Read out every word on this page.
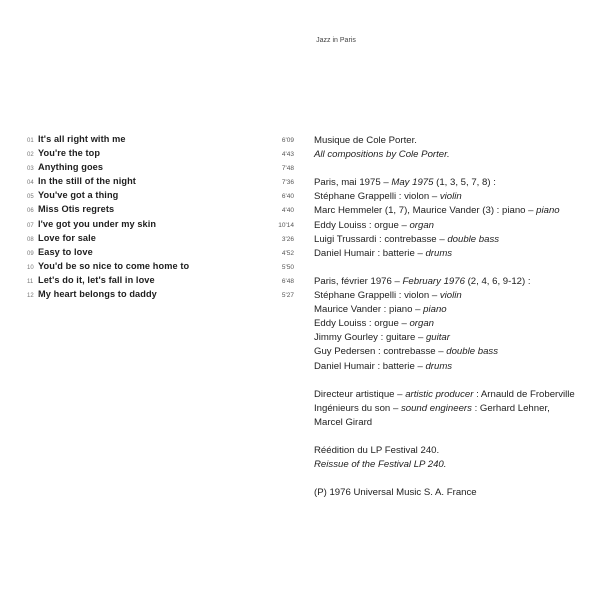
Jazz in Paris
01 It's all right with me	6'09
02 You're the top	4'43
03 Anything goes	7'48
04 In the still of the night	7'36
05 You've got a thing	6'40
06 Miss Otis regrets	4'40
07 I've got you under my skin	10'14
08 Love for sale	3'26
09 Easy to love	4'52
10 You'd be so nice to come home to	5'50
11 Let's do it, let's fall in love	6'48
12 My heart belongs to daddy	5'27

Musique de Cole Porter.

All compositions by Cole Porter.

Paris, mai 1975 – May 1975 (1, 3, 5, 7, 8) :

Stéphane Grappelli : violon – violin

Marc Hemmeler (1, 7), Maurice Vander (3) : piano – piano

Eddy Louiss : orgue – organ

Luigi Trussardi : contrebasse – double bass

Daniel Humair : batterie – drums

Paris, février 1976 – February 1976 (2, 4, 6, 9-12) :

Stéphane Grappelli : violon – violin

Maurice Vander : piano – piano

Eddy Louiss : orgue – organ

Jimmy Gourley : guitare – guitar

Guy Pedersen : contrebasse – double bass

Daniel Humair : batterie – drums

Directeur artistique – artistic producer : Arnauld de Froberville

Ingénieurs du son – sound engineers : Gerhard Lehner,

Marcel Girard

Réédition du LP Festival 240.

Reissue of the Festival LP 240.

(P) 1976 Universal Music S. A. France
